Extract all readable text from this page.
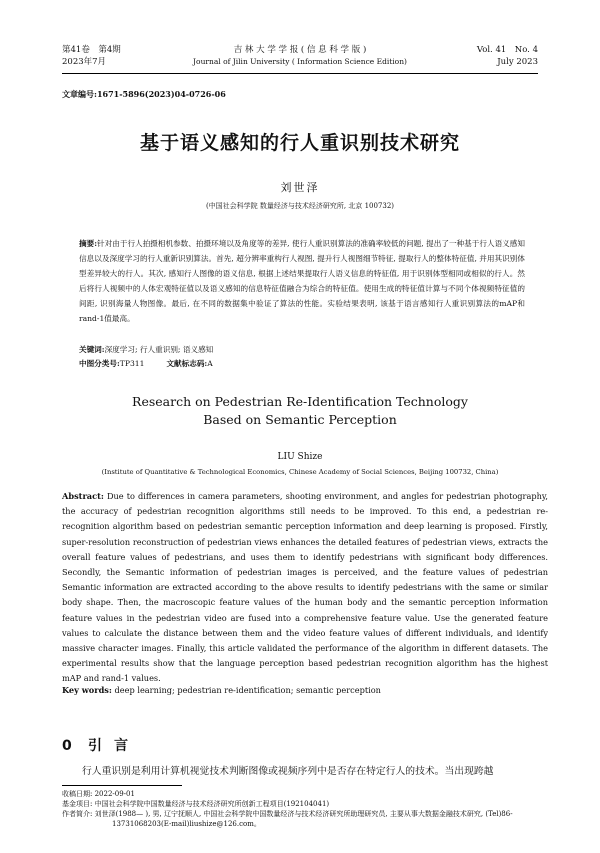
第41卷　第4期
2023年7月
吉 林 大 学 学 报 ( 信 息 科 学 版 )
Journal of Jilin University ( Information Science Edition)
Vol. 41　No. 4
July 2023
文章编号:1671-5896(2023)04-0726-06
基于语义感知的行人重识别技术研究
刘世泽
(中国社会科学院 数量经济与技术经济研究所, 北京 100732)

摘要:针对由于行人拍摄相机参数、拍摄环境以及角度等的差异, 使行人重识别算法的准确率较低的问题, 提出了一种基于行人语义感知信息以及深度学习的行人重新识别算法。首先, 超分辨率重构行人视图, 提升行人视图细节特征, 提取行人的整体特征值, 并用其识别体型差异较大的行人。其次, 感知行人图像的语义信息, 根据上述结果提取行人语义信息的特征值, 用于识别体型相同或相似的行人。然后将行人视频中的人体宏观特征值以及语义感知的信息特征值融合为综合的特征值。使用生成的特征值计算与不同个体视频特征值的间距, 识别海量人物图像。最后, 在不同的数据集中验证了算法的性能。实验结果表明, 该基于语言感知行人重识别算法的mAP和rand-1值最高。

关键词:深度学习; 行人重识别; 语义感知

中图分类号:TP311	文献标志码:A

Research on Pedestrian Re-Identification Technology
Based on Semantic Perception
LIU Shize
(Institute of Quantitative & Technological Economics, Chinese Academy of Social Sciences, Beijing 100732, China)

Abstract: Due to differences in camera parameters, shooting environment, and angles for pedestrian photography, the accuracy of pedestrian recognition algorithms still needs to be improved. To this end, a pedestrian re-recognition algorithm based on pedestrian semantic perception information and deep learning is proposed. Firstly, super-resolution reconstruction of pedestrian views enhances the detailed features of pedestrian views, extracts the overall feature values of pedestrians, and uses them to identify pedestrians with significant body differences. Secondly, the Semantic information of pedestrian images is perceived, and the feature values of pedestrian Semantic information are extracted according to the above results to identify pedestrians with the same or similar body shape. Then, the macroscopic feature values of the human body and the semantic perception information feature values in the pedestrian video are fused into a comprehensive feature value. Use the generated feature values to calculate the distance between them and the video feature values of different individuals, and identify massive character images. Finally, this article validated the performance of the algorithm in different datasets. The experimental results show that the language perception based pedestrian recognition algorithm has the highest mAP and rand-1 values.

Key words: deep learning; pedestrian re-identification; semantic perception

0 引言

行人重识别是利用计算机视觉技术判断图像或视频序列中是否存在特定行人的技术。当出现跨越

收稿日期: 2022-09-01
基金项目: 中国社会科学院中国数量经济与技术经济研究所创新工程项目(192104041)
作者简介: 刘世泽(1988— ), 男, 辽宁抚顺人, 中国社会科学院中国数量经济与技术经济研究所助理研究员, 主要从事大数据金融技术研究, (Tel)86-
13731068203(E-mail)liushize@126.com。
